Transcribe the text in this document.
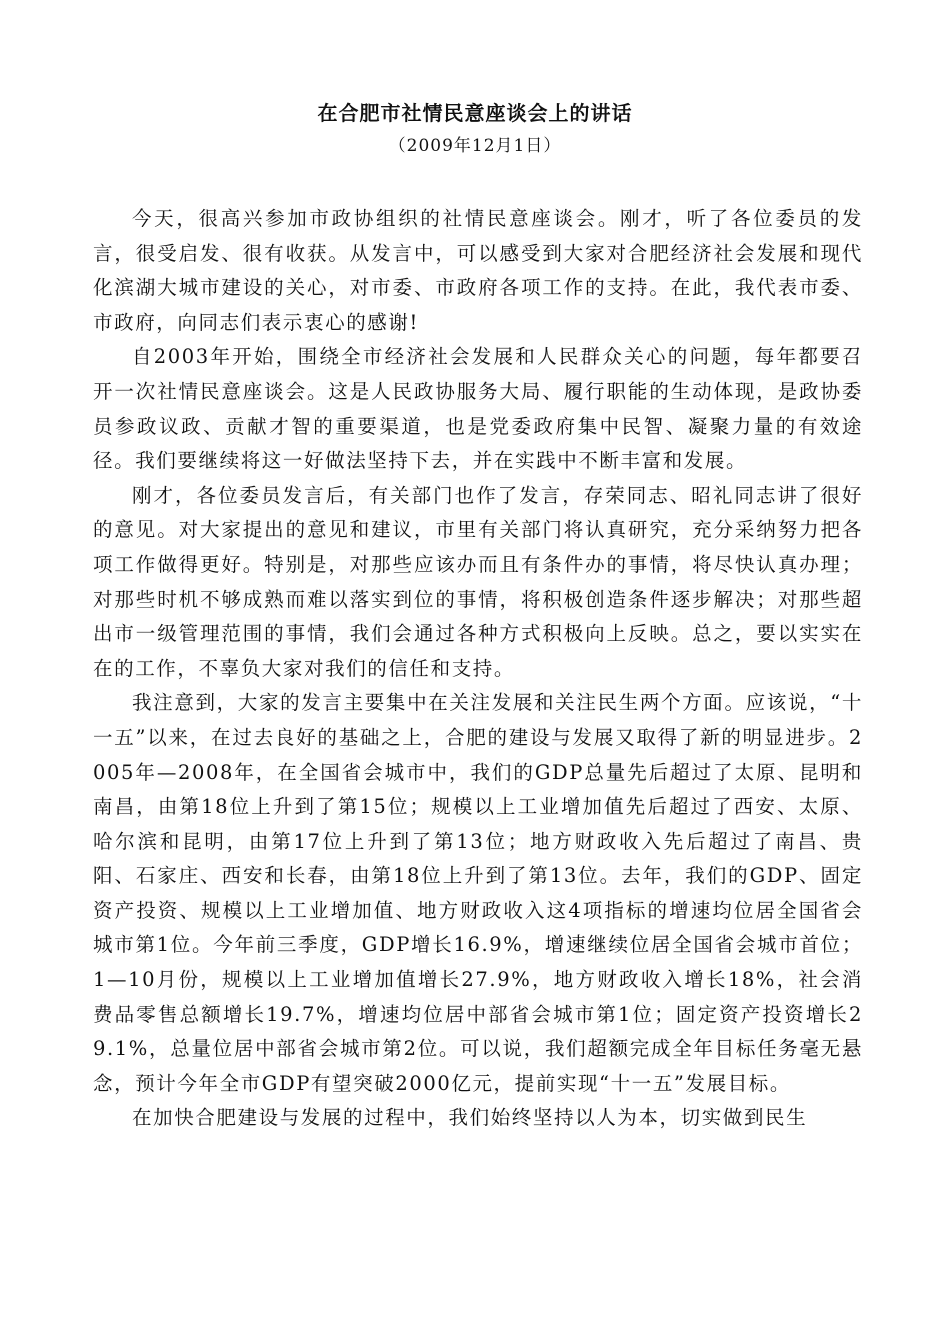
在合肥市社情民意座谈会上的讲话
（2009年12月1日）

今天，很高兴参加市政协组织的社情民意座谈会。刚才，听了各位委员的发言，很受启发、很有收获。从发言中，可以感受到大家对合肥经济社会发展和现代化滨湖大城市建设的关心，对市委、市政府各项工作的支持。在此，我代表市委、市政府，向同志们表示衷心的感谢!

自2003年开始，围绕全市经济社会发展和人民群众关心的问题，每年都要召开一次社情民意座谈会。这是人民政协服务大局、履行职能的生动体现，是政协委员参政议政、贡献才智的重要渠道，也是党委政府集中民智、凝聚力量的有效途径。我们要继续将这一好做法坚持下去，并在实践中不断丰富和发展。

刚才，各位委员发言后，有关部门也作了发言，存荣同志、昭礼同志讲了很好的意见。对大家提出的意见和建议，市里有关部门将认真研究，充分采纳努力把各项工作做得更好。特别是，对那些应该办而且有条件办的事情，将尽快认真办理；对那些时机不够成熟而难以落实到位的事情，将积极创造条件逐步解决；对那些超出市一级管理范围的事情，我们会通过各种方式积极向上反映。总之，要以实实在在的工作，不辜负大家对我们的信任和支持。

我注意到，大家的发言主要集中在关注发展和关注民生两个方面。应该说，“十一五”以来，在过去良好的基础之上，合肥的建设与发展又取得了新的明显进步。2005年—2008年，在全国省会城市中，我们的GDP总量先后超过了太原、昆明和南昌，由第18位上升到了第15位；规模以上工业增加值先后超过了西安、太原、哈尔滨和昆明，由第17位上升到了第13位；地方财政收入先后超过了南昌、贵阳、石家庄、西安和长春，由第18位上升到了第13位。去年，我们的GDP、固定资产投资、规模以上工业增加值、地方财政收入这4项指标的增速均位居全国省会城市第1位。今年前三季度，GDP增长16.9%，增速继续位居全国省会城市首位；1—10月份，规模以上工业增加值增长27.9%，地方财政收入增长18%，社会消费品零售总额增长19.7%，增速均位居中部省会城市第1位；固定资产投资增长29.1%，总量位居中部省会城市第2位。可以说，我们超额完成全年目标任务毫无悬念，预计今年全市GDP有望突破2000亿元，提前实现“十一五”发展目标。

在加快合肥建设与发展的过程中，我们始终坚持以人为本，切实做到民生
